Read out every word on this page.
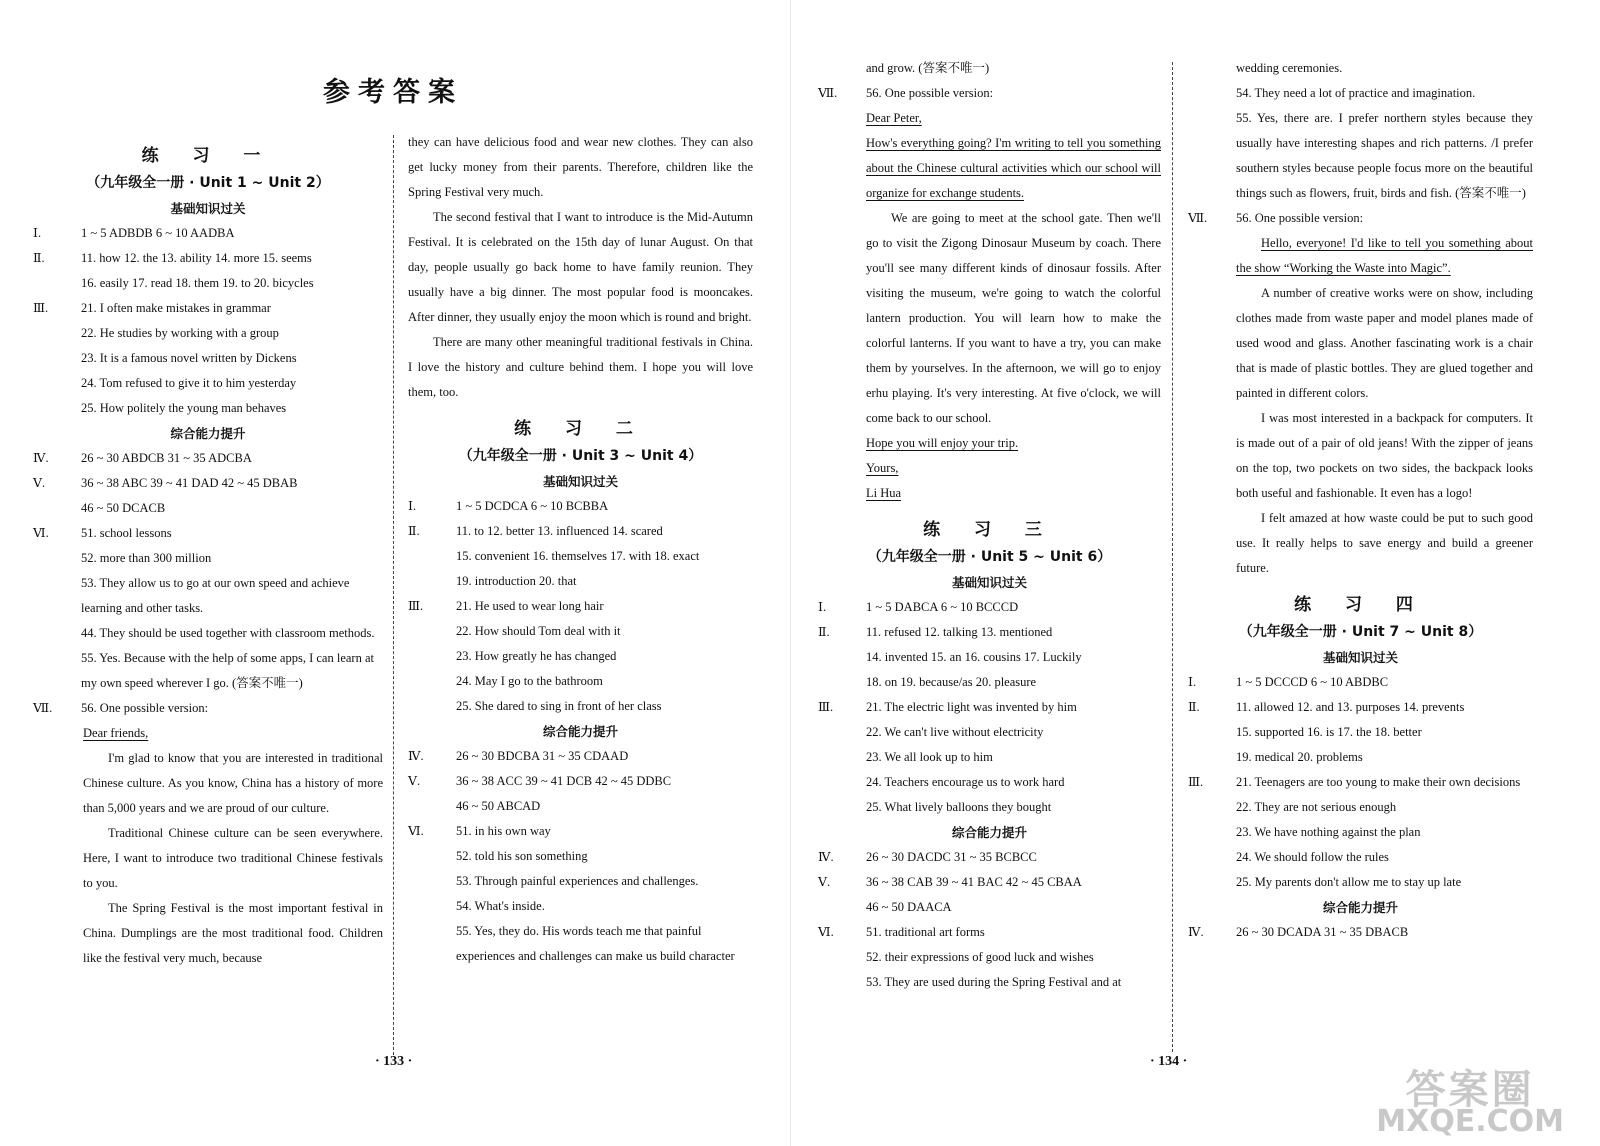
参考答案
练 习 一
（九年级全一册 · Unit 1 ~ Unit 2）
基础知识过关
Ⅰ.	1 ~ 5 ADBDB 6 ~ 10 AADBA
Ⅱ.	11. how 12. the 13. ability 14. more 15. seems
16. easily 17. read 18. them 19. to 20. bicycles
Ⅲ.	21. I often make mistakes in grammar
22. He studies by working with a group
23. It is a famous novel written by Dickens
24. Tom refused to give it to him yesterday
25. How politely the young man behaves
综合能力提升
Ⅳ.	26 ~ 30 ABDCB 31 ~ 35 ADCBA
Ⅴ.	36 ~ 38 ABC 39 ~ 41 DAD 42 ~ 45 DBAB
46 ~ 50 DCACB
Ⅵ.	51. school lessons
52. more than 300 million
53. They allow us to go at our own speed and achieve learning and other tasks.
44. They should be used together with classroom methods.
55. Yes. Because with the help of some apps, I can learn at my own speed wherever I go. (答案不唯一)
Ⅶ. 56. One possible version:
Dear friends,

I'm glad to know that you are interested in traditional Chinese culture. As you know, China has a history of more than 5,000 years and we are proud of our culture.

Traditional Chinese culture can be seen everywhere. Here, I want to introduce two traditional Chinese festivals to you.

The Spring Festival is the most important festival in China. Dumplings are the most traditional food. Children like the festival very much, because

they can have delicious food and wear new clothes. They can also get lucky money from their parents. Therefore, children like the Spring Festival very much.

The second festival that I want to introduce is the Mid-Autumn Festival. It is celebrated on the 15th day of lunar August. On that day, people usually go back home to have family reunion. They usually have a big dinner. The most popular food is mooncakes. After dinner, they usually enjoy the moon which is round and bright.

There are many other meaningful traditional festivals in China. I love the history and culture behind them. I hope you will love them, too.

练 习 二
（九年级全一册 · Unit 3 ~ Unit 4）
基础知识过关
Ⅰ.	1 ~ 5 DCDCA 6 ~ 10 BCBBA
Ⅱ.	11. to 12. better 13. influenced 14. scared
15. convenient 16. themselves 17. with 18. exact
19. introduction 20. that
Ⅲ.	21. He used to wear long hair
22. How should Tom deal with it
23. How greatly he has changed
24. May I go to the bathroom
25. She dared to sing in front of her class
综合能力提升
Ⅳ.	26 ~ 30 BDCBA 31 ~ 35 CDAAD
Ⅴ.	36 ~ 38 ACC 39 ~ 41 DCB 42 ~ 45 DDBC
46 ~ 50 ABCAD
Ⅵ.	51. in his own way
52. told his son something
53. Through painful experiences and challenges.
54. What's inside.
55. Yes, they do. His words teach me that painful experiences and challenges can make us build character
and grow. (答案不唯一)
Ⅶ. 56. One possible version:
Dear Peter,

How's everything going? I'm writing to tell you something about the Chinese cultural activities which our school will organize for exchange students.

We are going to meet at the school gate. Then we'll go to visit the Zigong Dinosaur Museum by coach. There you'll see many different kinds of dinosaur fossils. After visiting the museum, we're going to watch the colorful lantern production. You will learn how to make the colorful lanterns. If you want to have a try, you can make them by yourselves. In the afternoon, we will go to enjoy erhu playing. It's very interesting. At five o'clock, we will come back to our school.

Hope you will enjoy your trip.
Yours,
Li Hua
练 习 三
（九年级全一册 · Unit 5 ~ Unit 6）
基础知识过关
Ⅰ.	1 ~ 5 DABCA 6 ~ 10 BCCCD
Ⅱ.	11. refused 12. talking 13. mentioned
14. invented 15. an 16. cousins 17. Luckily
18. on 19. because/as 20. pleasure
Ⅲ.	21. The electric light was invented by him
22. We can't live without electricity
23. We all look up to him
24. Teachers encourage us to work hard
25. What lively balloons they bought
综合能力提升
Ⅳ.	26 ~ 30 DACDC 31 ~ 35 BCBCC
Ⅴ.	36 ~ 38 CAB 39 ~ 41 BAC 42 ~ 45 CBAA
46 ~ 50 DAACA
Ⅵ.	51. traditional art forms
52. their expressions of good luck and wishes
53. They are used during the Spring Festival and at
wedding ceremonies.
54. They need a lot of practice and imagination.
55. Yes, there are. I prefer northern styles because they usually have interesting shapes and rich patterns. /I prefer southern styles because people focus more on the beautiful things such as flowers, fruit, birds and fish. (答案不唯一)
Ⅶ. 56. One possible version:

Hello, everyone! I'd like to tell you something about the show “Working the Waste into Magic”.

A number of creative works were on show, including clothes made from waste paper and model planes made of used wood and glass. Another fascinating work is a chair that is made of plastic bottles. They are glued together and painted in different colors.

I was most interested in a backpack for computers. It is made out of a pair of old jeans! With the zipper of jeans on the top, two pockets on two sides, the backpack looks both useful and fashionable. It even has a logo!

I felt amazed at how waste could be put to such good use. It really helps to save energy and build a greener future.

练 习 四
（九年级全一册 · Unit 7 ~ Unit 8）
基础知识过关
Ⅰ.	1 ~ 5 DCCCD 6 ~ 10 ABDBC
Ⅱ.	11. allowed 12. and 13. purposes 14. prevents
15. supported 16. is 17. the 18. better
19. medical 20. problems
Ⅲ.	21. Teenagers are too young to make their own decisions
22. They are not serious enough
23. We have nothing against the plan
24. We should follow the rules
25. My parents don't allow me to stay up late
综合能力提升
Ⅳ.	26 ~ 30 DCADA 31 ~ 35 DBACB
· 133 ·	· 134 ·
答案圈
MXQE.COM
